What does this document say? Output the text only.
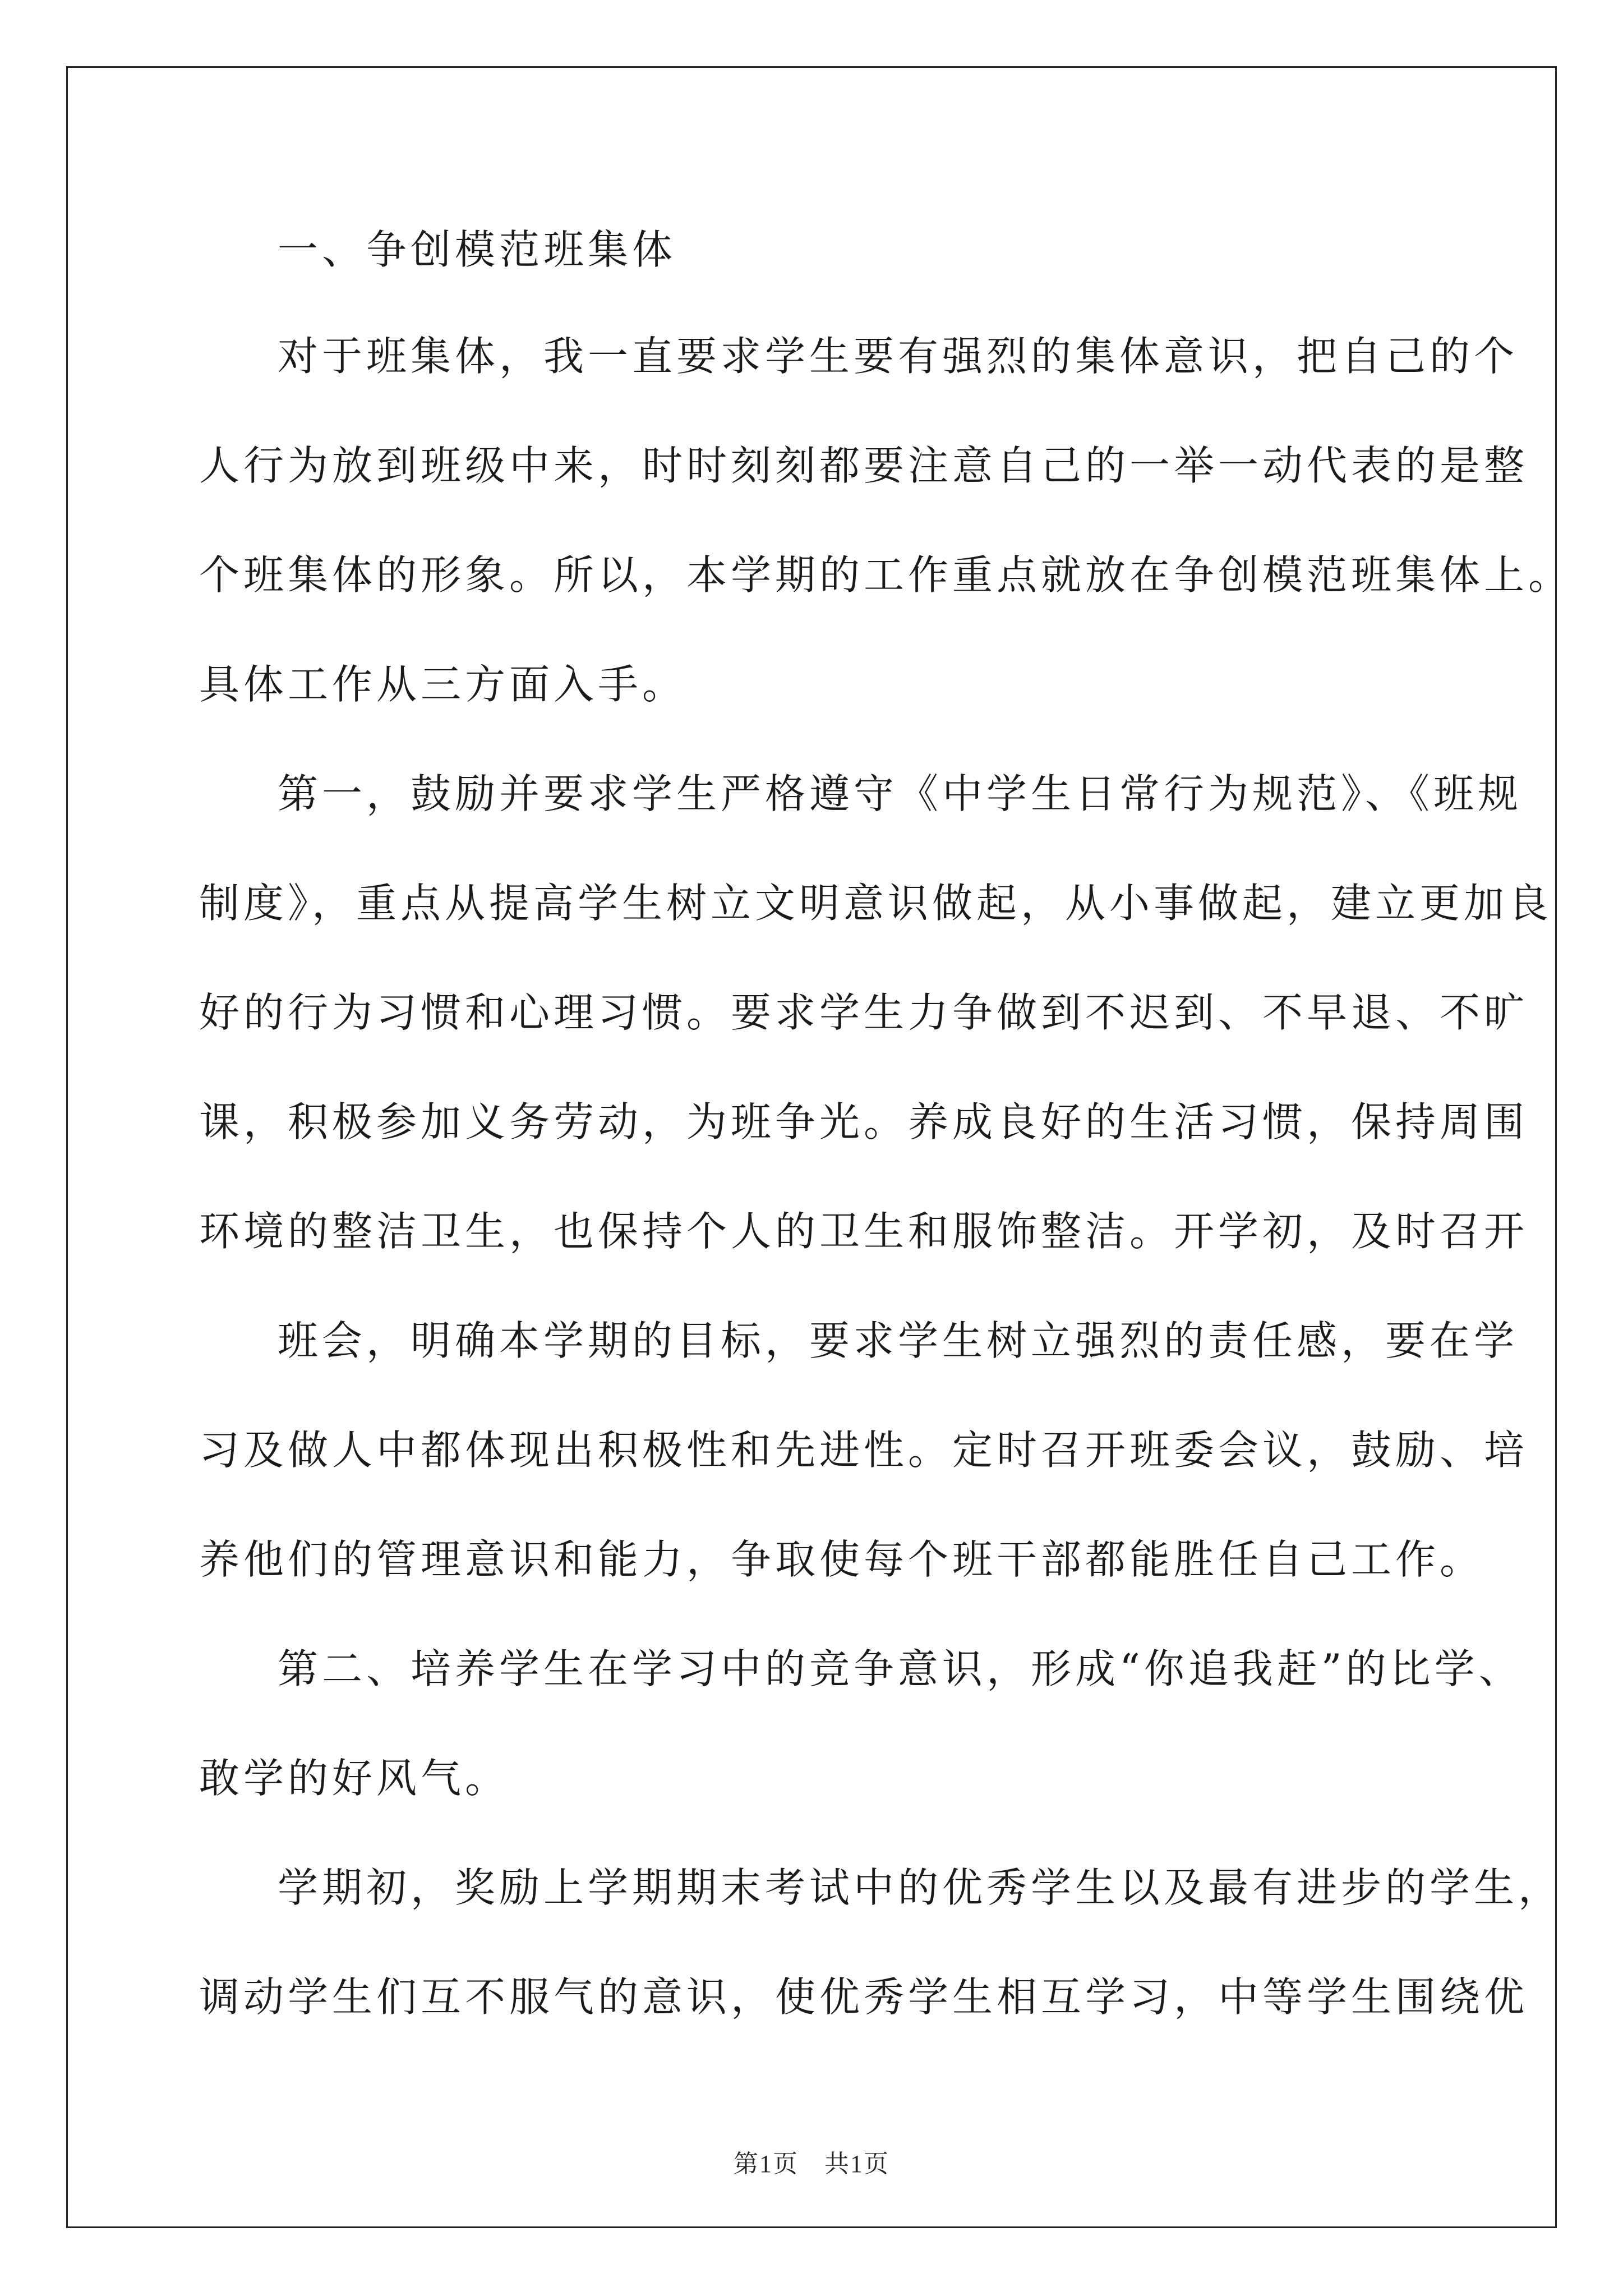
一、争创模范班集体

对于班集体，我一直要求学生要有强烈的集体意识，把自己的个

人行为放到班级中来，时时刻刻都要注意自己的一举一动代表的是整

个班集体的形象。所以，本学期的工作重点就放在争创模范班集体上。

具体工作从三方面入手。

第一，鼓励并要求学生严格遵守《中学生日常行为规范》、《班规

制度》，重点从提高学生树立文明意识做起，从小事做起，建立更加良

好的行为习惯和心理习惯。要求学生力争做到不迟到、不早退、不旷

课，积极参加义务劳动，为班争光。养成良好的生活习惯，保持周围

环境的整洁卫生，也保持个人的卫生和服饰整洁。开学初，及时召开

班会，明确本学期的目标，要求学生树立强烈的责任感，要在学

习及做人中都体现出积极性和先进性。定时召开班委会议，鼓励、培

养他们的管理意识和能力，争取使每个班干部都能胜任自己工作。

第二、培养学生在学习中的竞争意识，形成“你追我赶”的比学、

敢学的好风气。

学期初，奖励上学期期末考试中的优秀学生以及最有进步的学生，

调动学生们互不服气的意识，使优秀学生相互学习，中等学生围绕优

第1页　共1页
